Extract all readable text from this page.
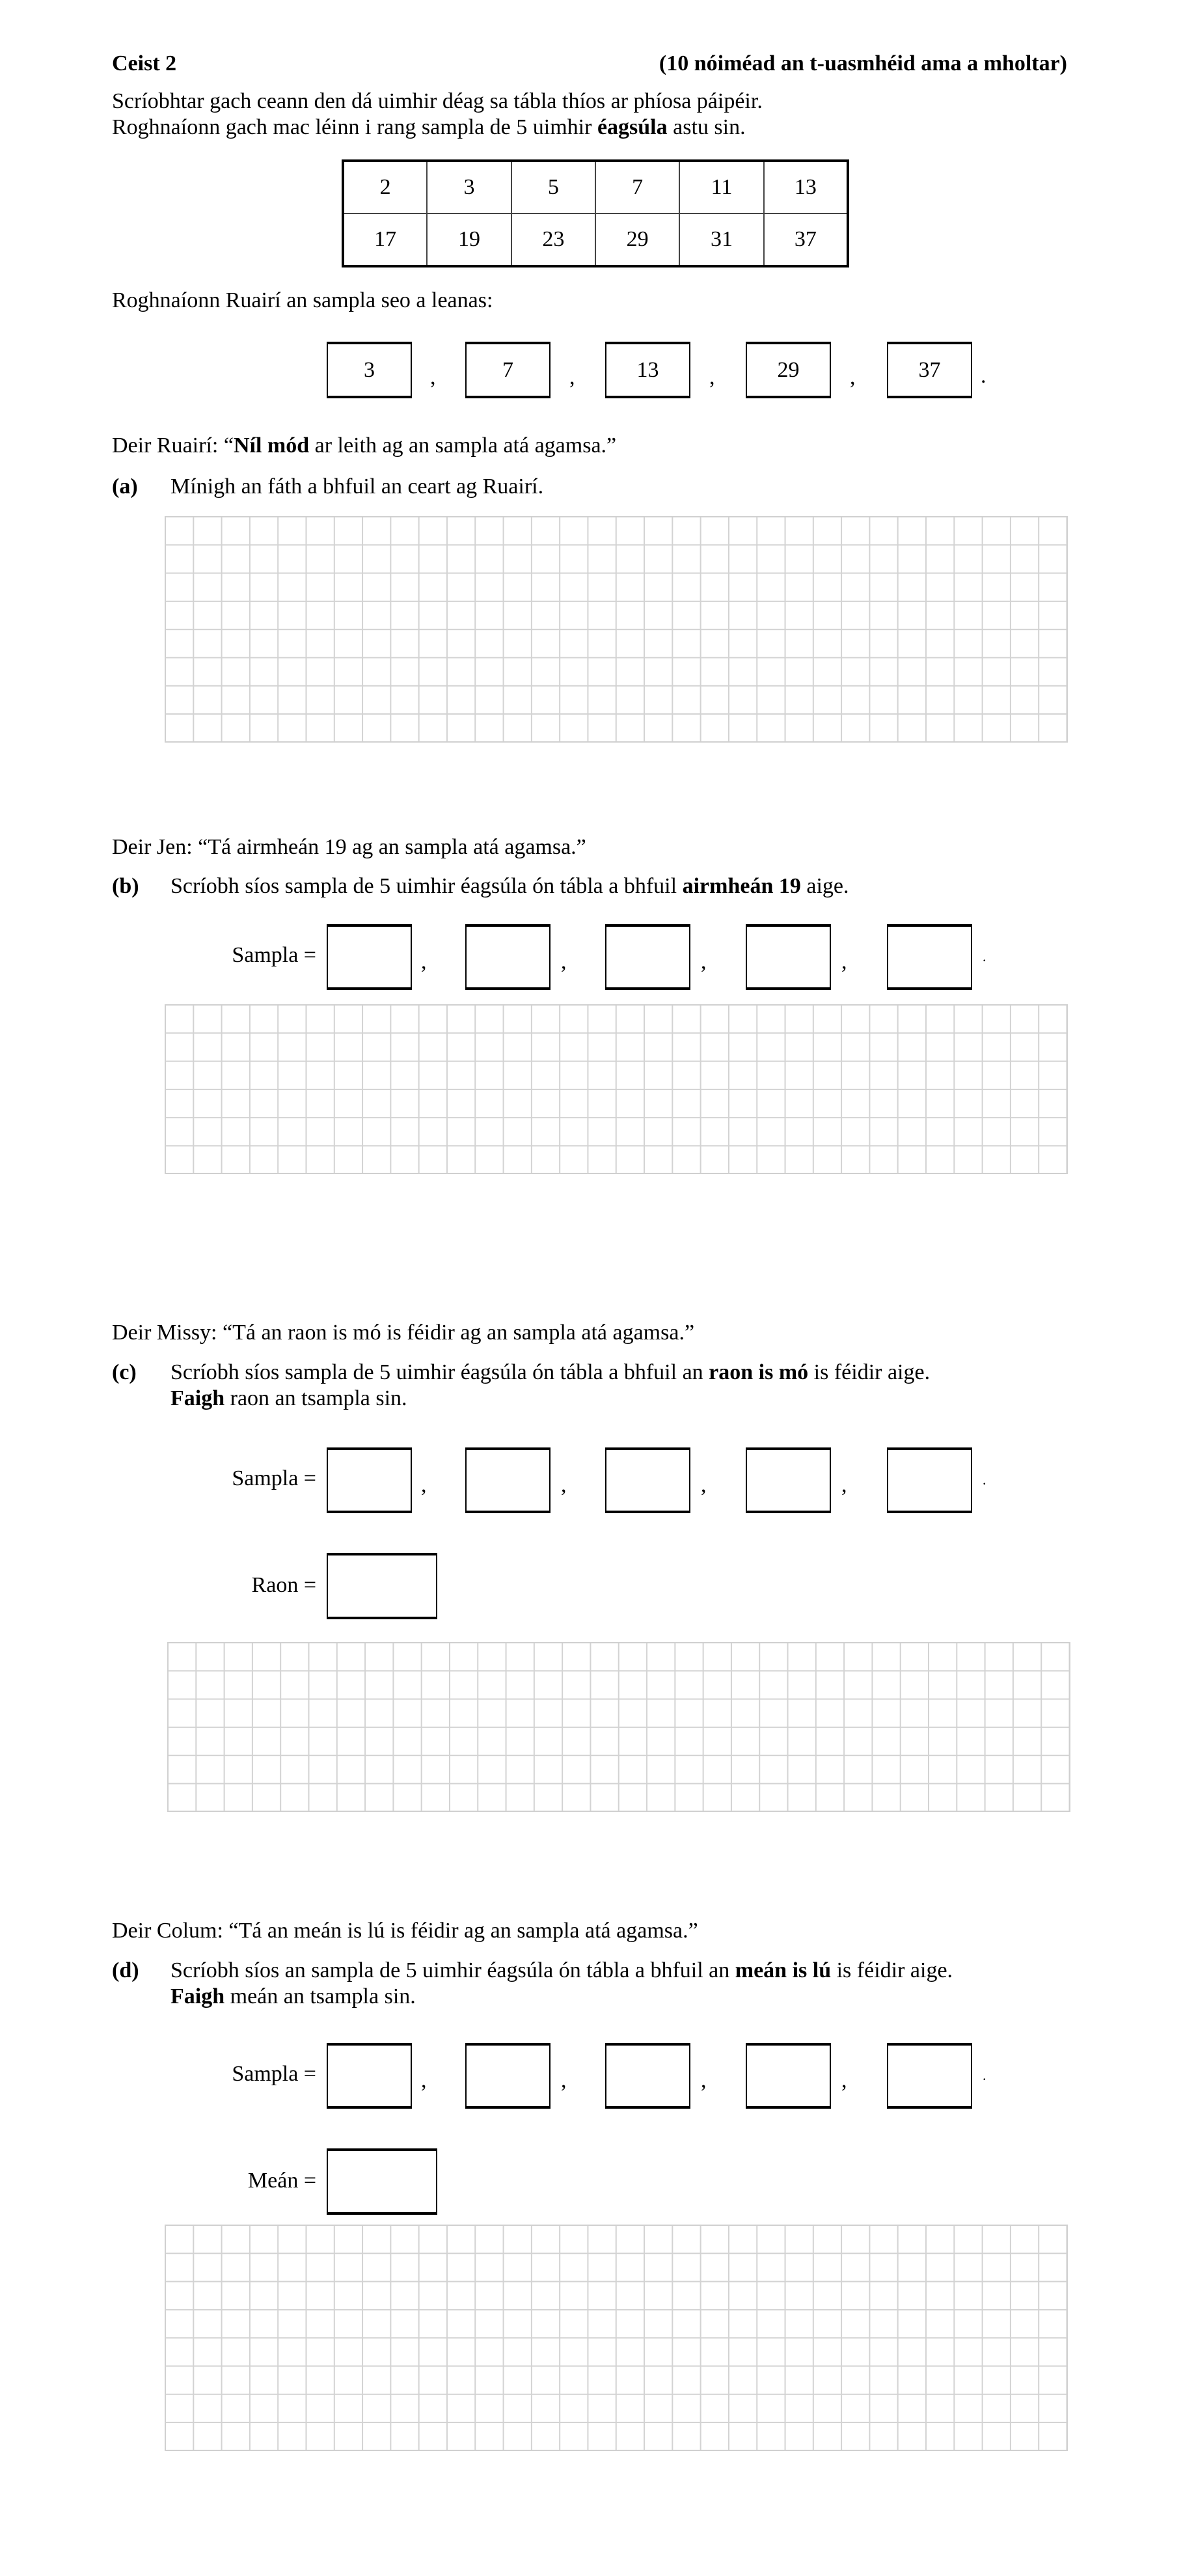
Ceist 2	(10 nóiméad an t-uasmhéid ama a mholtar)
Scríobhtar gach ceann den dá uimhir déag sa tábla thíos ar phíosa páipéir.
Roghnaíonn gach mac léinn i rang sampla de 5 uimhir éagsúla astu sin.
2	3	5	7	11	13
17	19	23	29	31	37
Roghnaíonn Ruairí an sampla seo a leanas:
3	,	7	,	13	,	29	,	37	.
Deir Ruairí: “Níl mód ar leith ag an sampla atá agamsa.”
(a) Mínigh an fáth a bhfuil an ceart ag Ruairí.
Deir Jen: “Tá airmheán 19 ag an sampla atá agamsa.”
(b) Scríobh síos sampla de 5 uimhir éagsúla ón tábla a bhfuil airmheán 19 aige.
Sampla =	,	,	,	,	.
Deir Missy: “Tá an raon is mó is féidir ag an sampla atá agamsa.”
(c) Scríobh síos sampla de 5 uimhir éagsúla ón tábla a bhfuil an raon is mó is féidir aige.
Faigh raon an tsampla sin.
Sampla =	,	,	,	,	.
Raon =
Deir Colum: “Tá an meán is lú is féidir ag an sampla atá agamsa.”
(d) Scríobh síos an sampla de 5 uimhir éagsúla ón tábla a bhfuil an meán is lú is féidir aige.
Faigh meán an tsampla sin.
Sampla =	,	,	,	,	.
Meán =
